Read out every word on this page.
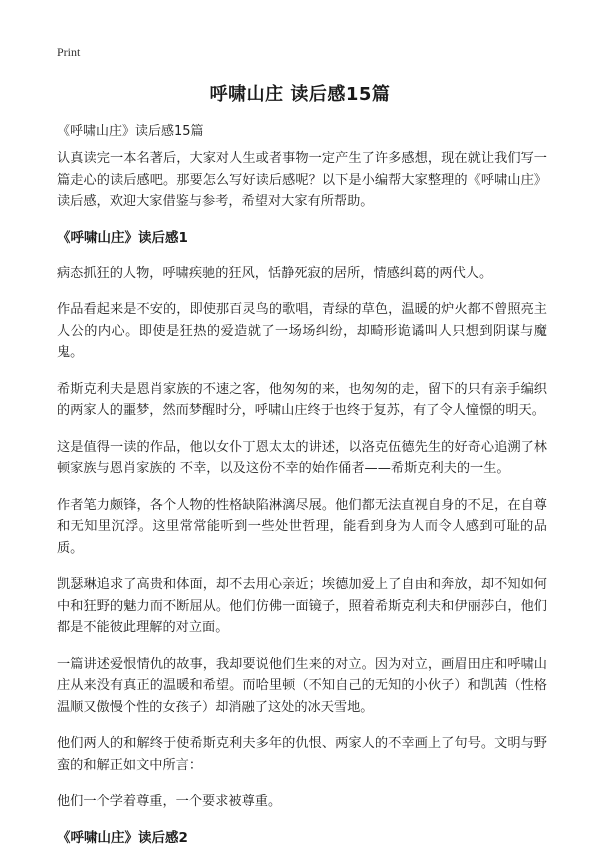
Print
呼啸山庄 读后感15篇
《呼啸山庄》读后感15篇

认真读完一本名著后，大家对人生或者事物一定产生了许多感想，现在就让我们写一篇走心的读后感吧。那要怎么写好读后感呢？以下是小编帮大家整理的《呼啸山庄》读后感，欢迎大家借鉴与参考，希望对大家有所帮助。

《呼啸山庄》读后感1

病态抓狂的人物，呼啸疾驰的狂风，恬静死寂的居所，情感纠葛的两代人。

作品看起来是不安的，即使那百灵鸟的歌唱，青绿的草色，温暖的炉火都不曾照亮主人公的内心。即使是狂热的爱造就了一场场纠纷，却畸形诡谲叫人只想到阴谋与魔鬼。

希斯克利夫是恩肖家族的不速之客，他匆匆的来，也匆匆的走，留下的只有亲手编织的两家人的噩梦，然而梦醒时分，呼啸山庄终于也终于复苏，有了令人憧憬的明天。

这是值得一读的作品，他以女仆丁恩太太的讲述，以洛克伍德先生的好奇心追溯了林顿家族与恩肖家族的 不幸，以及这份不幸的始作俑者——希斯克利夫的一生。

作者笔力颇锋，各个人物的性格缺陷淋漓尽展。他们都无法直视自身的不足，在自尊和无知里沉浮。这里常常能听到一些处世哲理，能看到身为人而令人感到可耻的品质。

凯瑟琳追求了高贵和体面，却不去用心亲近；埃德加爱上了自由和奔放，却不知如何中和狂野的魅力而不断屈从。他们仿佛一面镜子，照着希斯克利夫和伊丽莎白，他们都是不能彼此理解的对立面。

一篇讲述爱恨情仇的故事，我却要说他们生来的对立。因为对立，画眉田庄和呼啸山庄从来没有真正的温暖和希望。而哈里顿（不知自己的无知的小伙子）和凯茜（性格温顺又傲慢个性的女孩子）却消融了这处的冰天雪地。

他们两人的和解终于使希斯克利夫多年的仇恨、两家人的不幸画上了句号。文明与野蛮的和解正如文中所言：

他们一个学着尊重，一个要求被尊重。

《呼啸山庄》读后感2
